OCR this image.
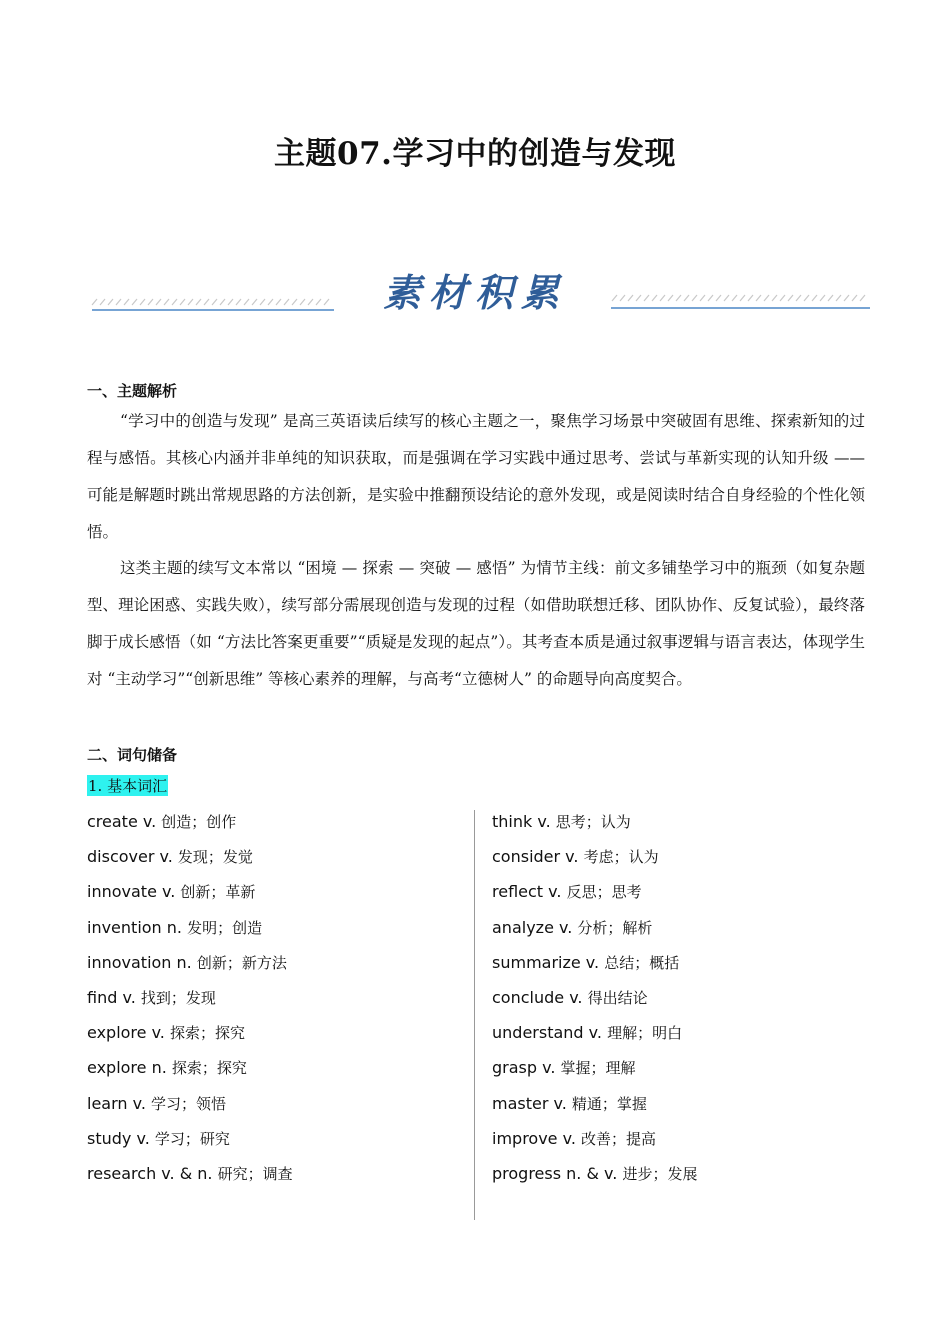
主题07.学习中的创造与发现
素材积累
一、主题解析

“学习中的创造与发现” 是高三英语读后续写的核心主题之一，聚焦学习场景中突破固有思维、探索新知的过程与感悟。其核心内涵并非单纯的知识获取，而是强调在学习实践中通过思考、尝试与革新实现的认知升级 —— 可能是解题时跳出常规思路的方法创新，是实验中推翻预设结论的意外发现，或是阅读时结合自身经验的个性化领悟。

这类主题的续写文本常以 “困境 — 探索 — 突破 — 感悟” 为情节主线：前文多铺垫学习中的瓶颈（如复杂题型、理论困惑、实践失败），续写部分需展现创造与发现的过程（如借助联想迁移、团队协作、反复试验），最终落脚于成长感悟（如 “方法比答案更重要”“质疑是发现的起点”）。其考查本质是通过叙事逻辑与语言表达，体现学生对 “主动学习”“创新思维” 等核心素养的理解，与高考“立德树人” 的命题导向高度契合。

二、词句储备
1. 基本词汇
create v. 创造；创作
discover v. 发现；发觉
innovate v. 创新；革新
invention n. 发明；创造
innovation n. 创新；新方法
find v. 找到；发现
explore v. 探索；探究
explore n. 探索；探究
learn v. 学习；领悟
study v. 学习；研究
research v. & n. 研究；调查
think v. 思考；认为
consider v. 考虑；认为
reflect v. 反思；思考
analyze v. 分析；解析
summarize v. 总结；概括
conclude v. 得出结论
understand v. 理解；明白
grasp v. 掌握；理解
master v. 精通；掌握
improve v. 改善；提高
progress n. & v. 进步；发展
